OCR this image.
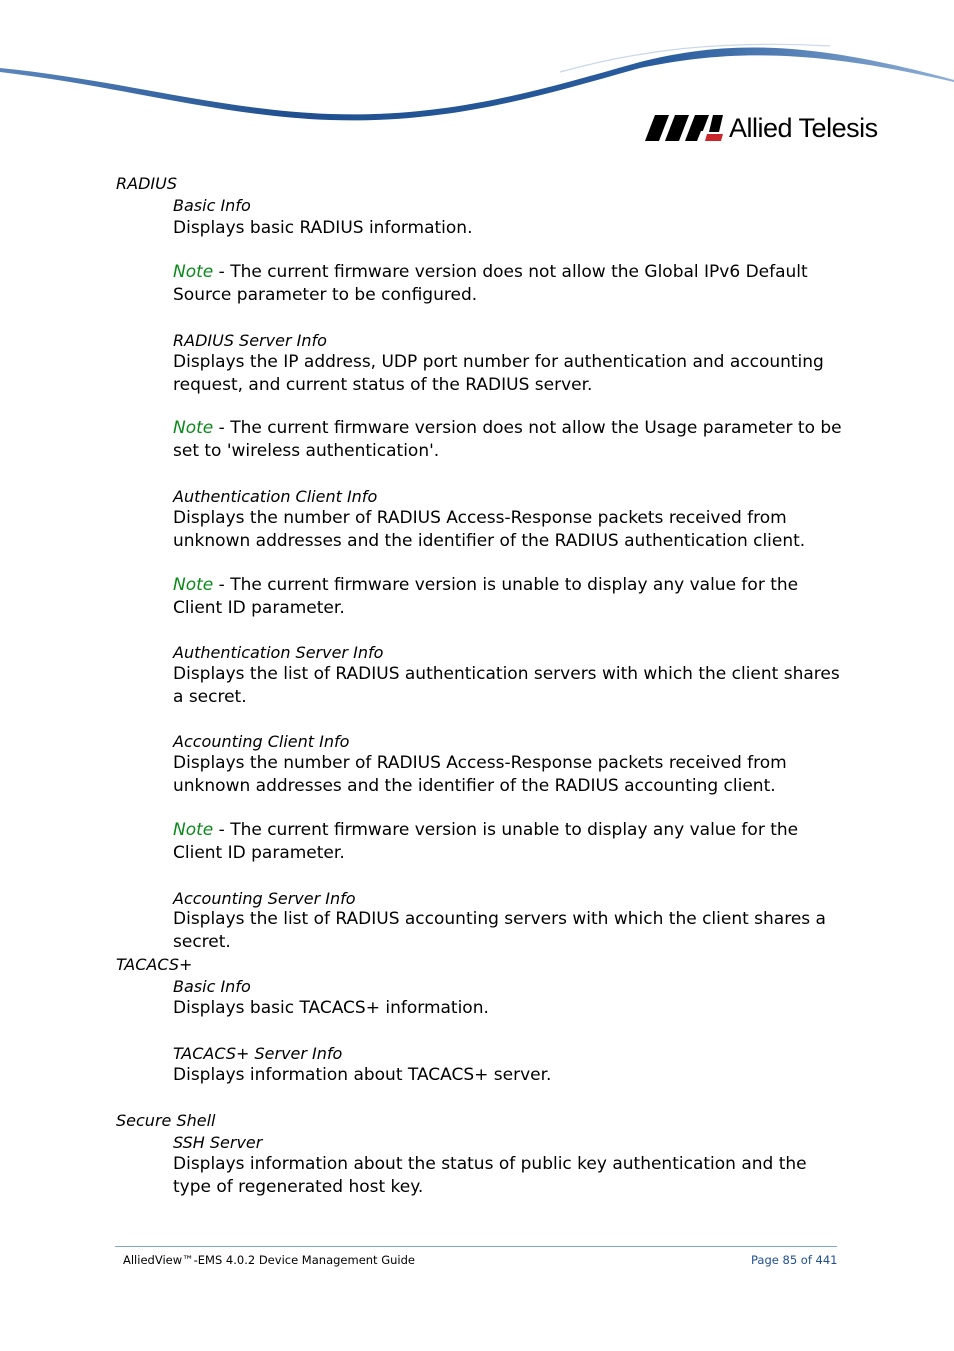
Allied Telesis
RADIUS
Basic Info
Displays basic RADIUS information.
Note - The current firmware version does not allow the Global IPv6 Default Source parameter to be configured.
RADIUS Server Info
Displays the IP address, UDP port number for authentication and accounting request, and current status of the RADIUS server.
Note - The current firmware version does not allow the Usage parameter to be set to 'wireless authentication'.
Authentication Client Info
Displays the number of RADIUS Access-Response packets received from unknown addresses and the identifier of the RADIUS authentication client.
Note - The current firmware version is unable to display any value for the Client ID parameter.
Authentication Server Info
Displays the list of RADIUS authentication servers with which the client shares a secret.
Accounting Client Info
Displays the number of RADIUS Access-Response packets received from unknown addresses and the identifier of the RADIUS accounting client.
Note - The current firmware version is unable to display any value for the Client ID parameter.
Accounting Server Info
Displays the list of RADIUS accounting servers with which the client shares a secret.
TACACS+
Basic Info
Displays basic TACACS+ information.
TACACS+ Server Info
Displays information about TACACS+ server.
Secure Shell
SSH Server
Displays information about the status of public key authentication and the type of regenerated host key.
AlliedView™-EMS 4.0.2 Device Management Guide	Page 85 of 441
